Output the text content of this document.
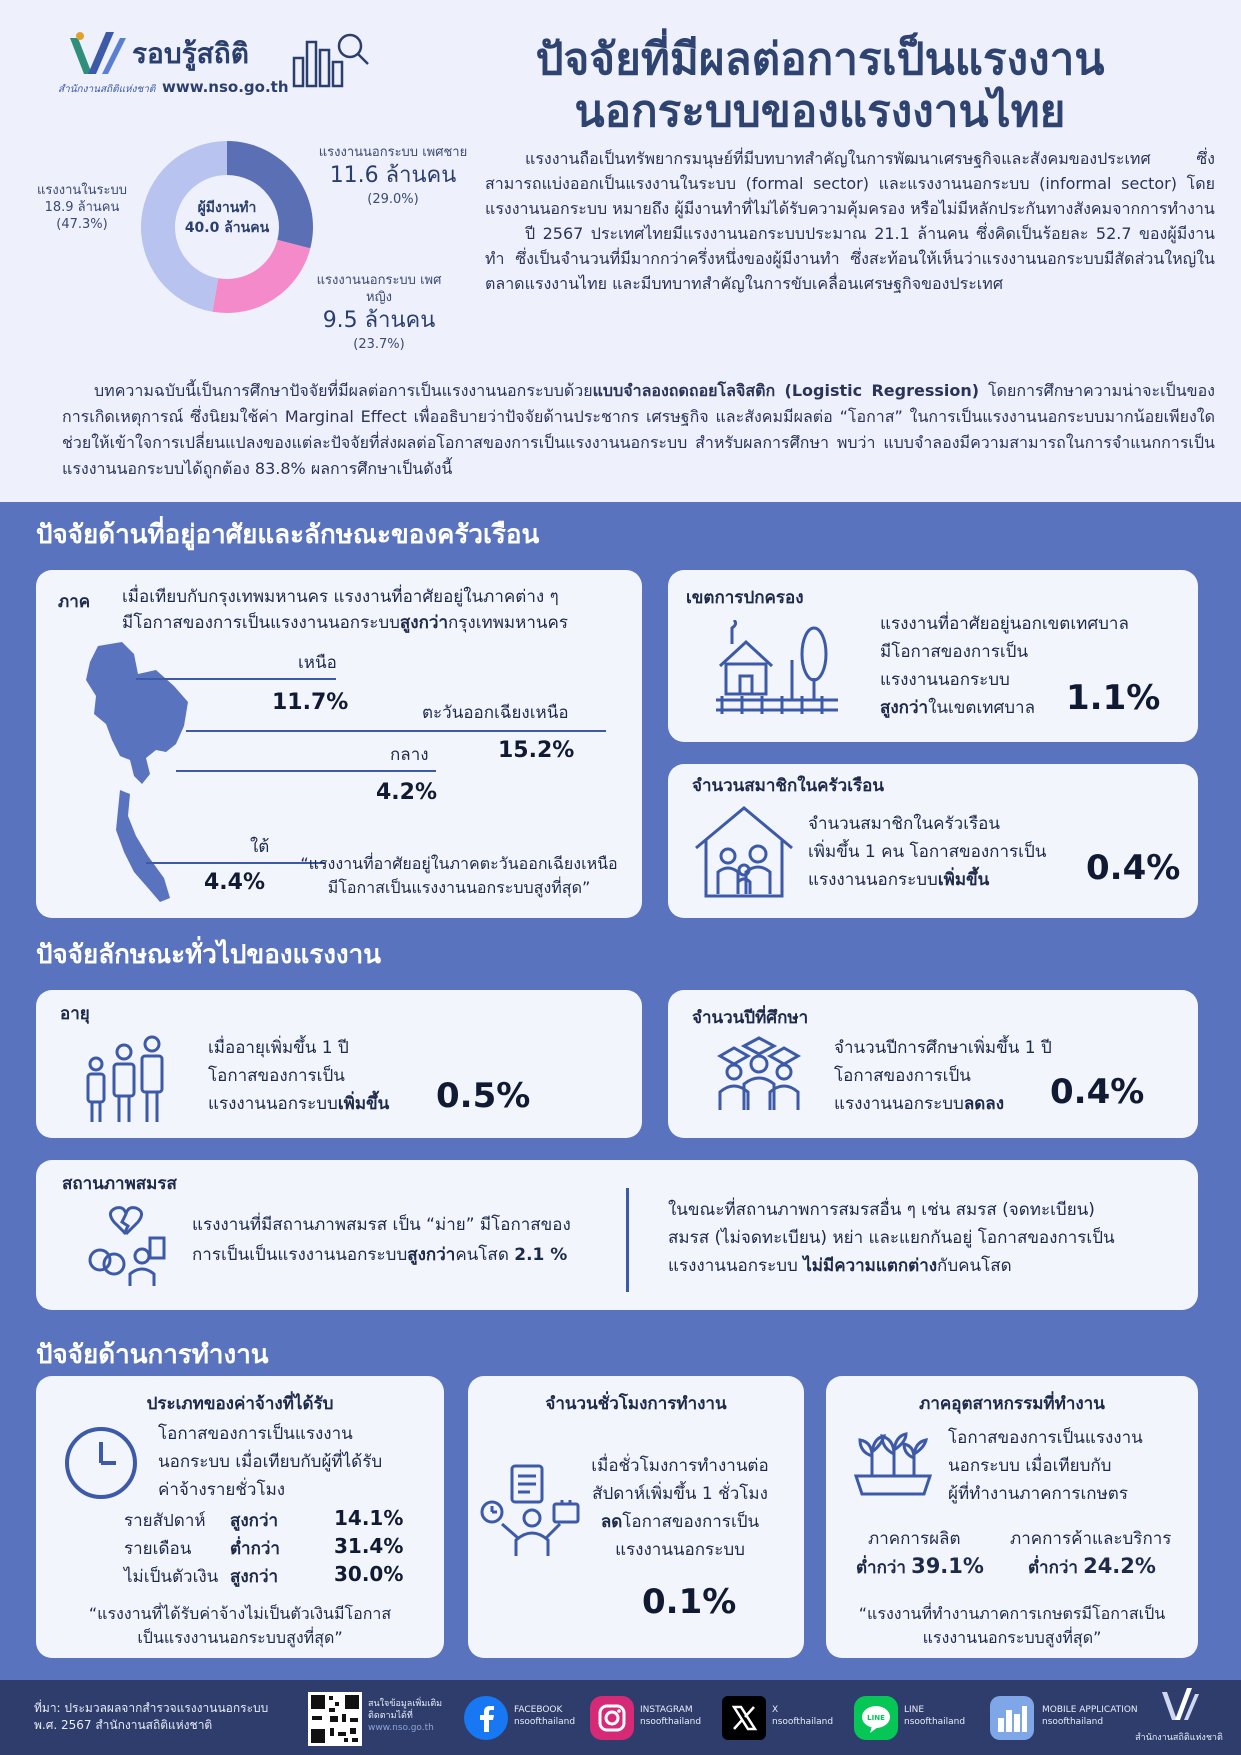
รอบรู้สถิติ
สำนักงานสถิติแห่งชาติ www.nso.go.th
ปัจจัยที่มีผลต่อการเป็นแรงงาน
นอกระบบของแรงงานไทย
ผู้มีงานทำ
40.0 ล้านคน
แรงงานนอกระบบ เพศชาย
11.6 ล้านคน
(29.0%)
แรงงานนอกระบบ เพศหญิง
9.5 ล้านคน
(23.7%)
แรงงานในระบบ
18.9 ล้านคน
(47.3%)

แรงงานถือเป็นทรัพยากรมนุษย์ที่มีบทบาทสำคัญในการพัฒนาเศรษฐกิจและสังคมของประเทศ ซึ่งสามารถแบ่งออกเป็นแรงงานในระบบ (formal sector) และแรงงานนอกระบบ (informal sector) โดยแรงงานนอกระบบ หมายถึง ผู้มีงานทำที่ไม่ได้รับความคุ้มครอง หรือไม่มีหลักประกันทางสังคมจากการทำงาน

ปี 2567 ประเทศไทยมีแรงงานนอกระบบประมาณ 21.1 ล้านคน ซึ่งคิดเป็นร้อยละ 52.7 ของผู้มีงานทำ ซึ่งเป็นจำนวนที่มีมากกว่าครึ่งหนึ่งของผู้มีงานทำ ซึ่งสะท้อนให้เห็นว่าแรงงานนอกระบบมีสัดส่วนใหญ่ในตลาดแรงงานไทย และมีบทบาทสำคัญในการขับเคลื่อนเศรษฐกิจของประเทศ

บทความฉบับนี้เป็นการศึกษาปัจจัยที่มีผลต่อการเป็นแรงงานนอกระบบด้วยแบบจำลองถดถอยโลจิสติก (Logistic Regression) โดยการศึกษาความน่าจะเป็นของการเกิดเหตุการณ์ ซึ่งนิยมใช้ค่า Marginal Effect เพื่ออธิบายว่าปัจจัยด้านประชากร เศรษฐกิจ และสังคมมีผลต่อ “โอกาส” ในการเป็นแรงงานนอกระบบมากน้อยเพียงใด ช่วยให้เข้าใจการเปลี่ยนแปลงของแต่ละปัจจัยที่ส่งผลต่อโอกาสของการเป็นแรงงานนอกระบบ สำหรับผลการศึกษา พบว่า แบบจำลองมีความสามารถในการจำแนกการเป็นแรงงานนอกระบบได้ถูกต้อง 83.8% ผลการศึกษาเป็นดังนี้
ปัจจัยด้านที่อยู่อาศัยและลักษณะของครัวเรือน
ภาค เมื่อเทียบกับกรุงเทพมหานคร แรงงานที่อาศัยอยู่ในภาคต่าง ๆ
มีโอกาสของการเป็นแรงงานนอกระบบสูงกว่ากรุงเทพมหานคร
เหนือ
11.7%	ตะวันออกเฉียงเหนือ
15.2%
กลาง
4.2%
ใต้
4.4%
“แรงงานที่อาศัยอยู่ในภาคตะวันออกเฉียงเหนือ
มีโอกาสเป็นแรงงานนอกระบบสูงที่สุด”
เขตการปกครอง
แรงงานที่อาศัยอยู่นอกเขตเทศบาล
มีโอกาสของการเป็น
แรงงานนอกระบบ
สูงกว่าในเขตเทศบาล 1.1%
จำนวนสมาชิกในครัวเรือน
จำนวนสมาชิกในครัวเรือน
เพิ่มขึ้น 1 คน โอกาสของการเป็น
แรงงานนอกระบบเพิ่มขึ้น	0.4%
ปัจจัยลักษณะทั่วไปของแรงงาน
อายุ
เมื่ออายุเพิ่มขึ้น 1 ปี
โอกาสของการเป็น
แรงงานนอกระบบเพิ่มขึ้น	0.5%
จำนวนปีที่ศึกษา
จำนวนปีการศึกษาเพิ่มขึ้น 1 ปี
โอกาสของการเป็น
แรงงานนอกระบบลดลง	0.4%
สถานภาพสมรส
แรงงานที่มีสถานภาพสมรส เป็น “ม่าย” มีโอกาสของ
การเป็นเป็นแรงงานนอกระบบสูงกว่าคนโสด 2.1 %
ในขณะที่สถานภาพการสมรสอื่น ๆ เช่น สมรส (จดทะเบียน)
สมรส (ไม่จดทะเบียน) หย่า และแยกกันอยู่ โอกาสของการเป็น
แรงงานนอกระบบ ไม่มีความแตกต่างกับคนโสด
ปัจจัยด้านการทำงาน
ประเภทของค่าจ้างที่ได้รับ
โอกาสของการเป็นแรงงาน
นอกระบบ เมื่อเทียบกับผู้ที่ได้รับ
ค่าจ้างรายชั่วโมง
รายสัปดาห์ สูงกว่า	14.1%
รายเดือน ต่ำกว่า	31.4%
ไม่เป็นตัวเงิน สูงกว่า	30.0%
“แรงงานที่ได้รับค่าจ้างไม่เป็นตัวเงินมีโอกาส
เป็นแรงงานนอกระบบสูงที่สุด”
จำนวนชั่วโมงการทำงาน
เมื่อชั่วโมงการทำงานต่อ
สัปดาห์เพิ่มขึ้น 1 ชั่วโมง
ลดโอกาสของการเป็น
แรงงานนอกระบบ
0.1%
ภาคอุตสาหกรรมที่ทำงาน
โอกาสของการเป็นแรงงาน
นอกระบบ เมื่อเทียบกับ
ผู้ที่ทำงานภาคการเกษตร
ภาคการผลิต
ต่ำกว่า 39.1%
ภาคการค้าและบริการ
ต่ำกว่า 24.2%
“แรงงานที่ทำงานภาคการเกษตรมีโอกาสเป็น
แรงงานนอกระบบสูงที่สุด”
ที่มา: ประมวลผลจากสำรวจแรงงานนอกระบบ
พ.ศ. 2567 สำนักงานสถิติแห่งชาติ
สนใจข้อมูลเพิ่มเติม
ติดตามได้ที่
www.nso.go.th
FACEBOOK
nsoofthailand
INSTAGRAM
nsoofthailand
X
nsoofthailand	LINE
LINE
nsoofthailand
MOBILE APPLICATION
nsoofthailand
สำนักงานสถิติแห่งชาติ
